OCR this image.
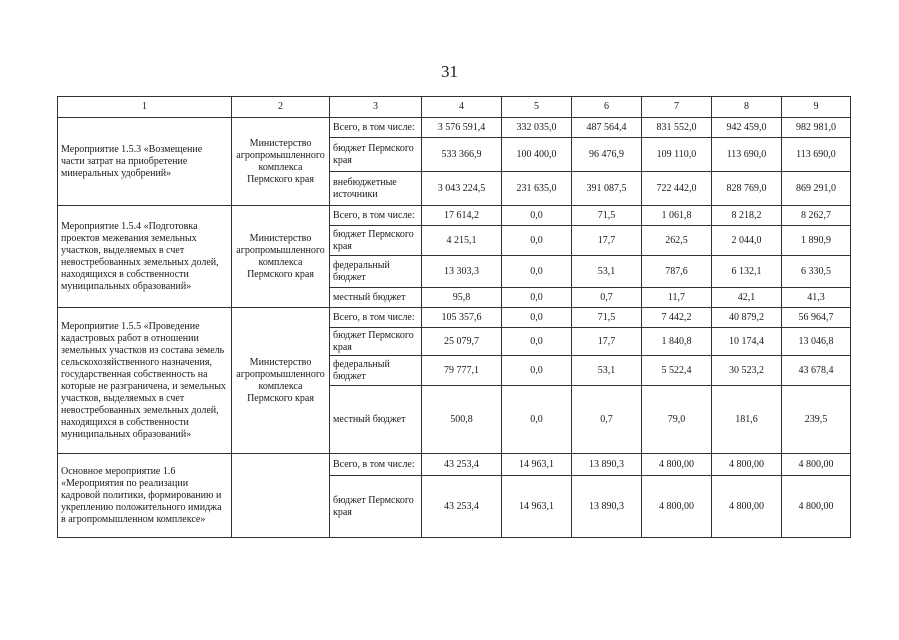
31
1	2	3	4	5	6	7	8	9
Мероприятие 1.5.3 «Возмещение части затрат на приобретение минеральных удобрений»	Министерство агропромышленного комплекса Пермского края	Всего, в том числе:	3 576 591,4	332 035,0	487 564,4	831 552,0	942 459,0	982 981,0
		бюджет Пермского края	533 366,9	100 400,0	96 476,9	109 110,0	113 690,0	113 690,0
		внебюджетные источники	3 043 224,5	231 635,0	391 087,5	722 442,0	828 769,0	869 291,0
Мероприятие 1.5.4 «Подготовка проектов межевания земельных участков, выделяемых в счет невостребованных земельных долей, находящихся в собственности муниципальных образований»	Министерство агропромышленного комплекса Пермского края	Всего, в том числе:	17 614,2	0,0	71,5	1 061,8	8 218,2	8 262,7
		бюджет Пермского края	4 215,1	0,0	17,7	262,5	2 044,0	1 890,9
		федеральный бюджет	13 303,3	0,0	53,1	787,6	6 132,1	6 330,5
		местный бюджет	95,8	0,0	0,7	11,7	42,1	41,3
Мероприятие 1.5.5 «Проведение кадастровых работ в отношении земельных участков из состава земель сельскохозяйственного назначения, государственная собственность на которые не разграничена, и земельных участков, выделяемых в счет невостребованных земельных долей, находящихся в собственности муниципальных образований»	Министерство агропромышленного комплекса Пермского края	Всего, в том числе:	105 357,6	0,0	71,5	7 442,2	40 879,2	56 964,7
		бюджет Пермского края	25 079,7	0,0	17,7	1 840,8	10 174,4	13 046,8
		федеральный бюджет	79 777,1	0,0	53,1	5 522,4	30 523,2	43 678,4
		местный бюджет	500,8	0,0	0,7	79,0	181,6	239,5
Основное мероприятие 1.6 «Мероприятия по реализации кадровой политики, формированию и укреплению положительного имиджа в агропромышленном комплексе»		Всего, в том числе:	43 253,4	14 963,1	13 890,3	4 800,00	4 800,00	4 800,00
		бюджет Пермского края	43 253,4	14 963,1	13 890,3	4 800,00	4 800,00	4 800,00
